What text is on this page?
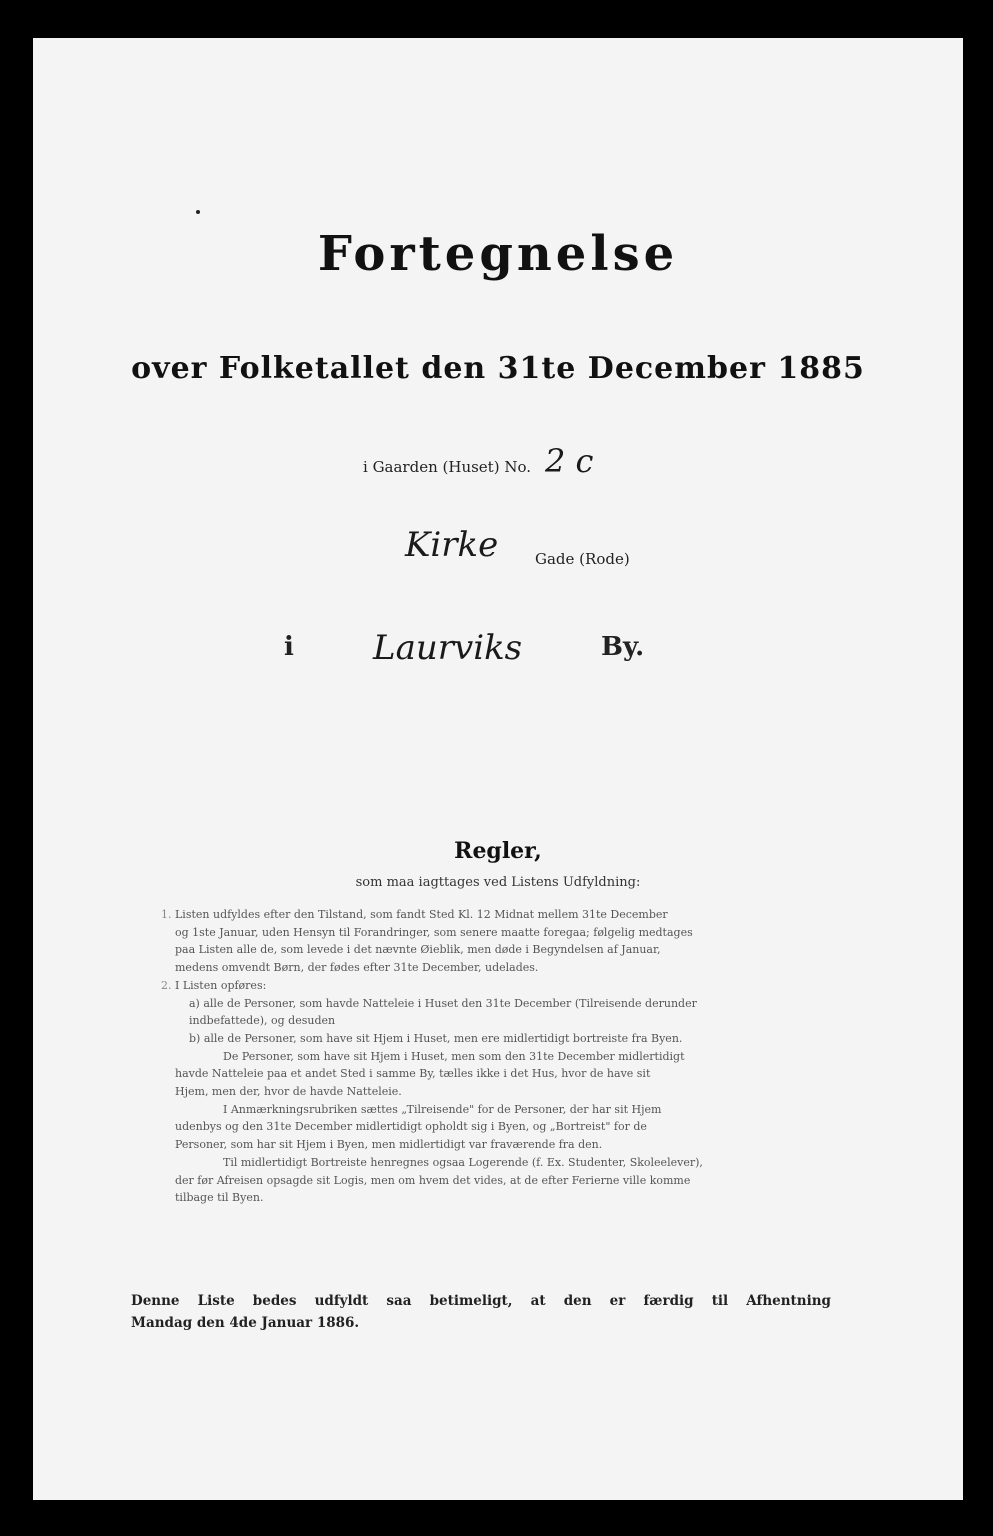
Fortegnelse
over Folketallet den 31te December 1885
i Gaarden (Huset) No. 2 c
Kirke Gade (Rode)
i Laurviks	By.
Regler,
som maa iagttages ved Listens Udfyldning:

1. Listen udfyldes efter den Tilstand, som fandt Sted Kl. 12 Midnat mellem 31te December

og 1ste Januar, uden Hensyn til Forandringer, som senere maatte foregaa; følgelig medtages

paa Listen alle de, som levede i det nævnte Øieblik, men døde i Begyndelsen af Januar,

medens omvendt Børn, der fødes efter 31te December, udelades.

2. I Listen opføres:

a) alle de Personer, som havde Natteleie i Huset den 31te December (Tilreisende derunder

indbefattede), og desuden

b) alle de Personer, som have sit Hjem i Huset, men ere midlertidigt bortreiste fra Byen.

De Personer, som have sit Hjem i Huset, men som den 31te December midlertidigt

havde Natteleie paa et andet Sted i samme By, tælles ikke i det Hus, hvor de have sit

Hjem, men der, hvor de havde Natteleie.

I Anmærkningsrubriken sættes „Tilreisende" for de Personer, der har sit Hjem

udenbys og den 31te December midlertidigt opholdt sig i Byen, og „Bortreist" for de

Personer, som har sit Hjem i Byen, men midlertidigt var fraværende fra den.

Til midlertidigt Bortreiste henregnes ogsaa Logerende (f. Ex. Studenter, Skoleelever),

der før Afreisen opsagde sit Logis, men om hvem det vides, at de efter Ferierne ville komme

tilbage til Byen.

Denne Liste bedes udfyldt saa betimeligt, at den er færdig til Afhentning

Mandag den 4de Januar 1886.
